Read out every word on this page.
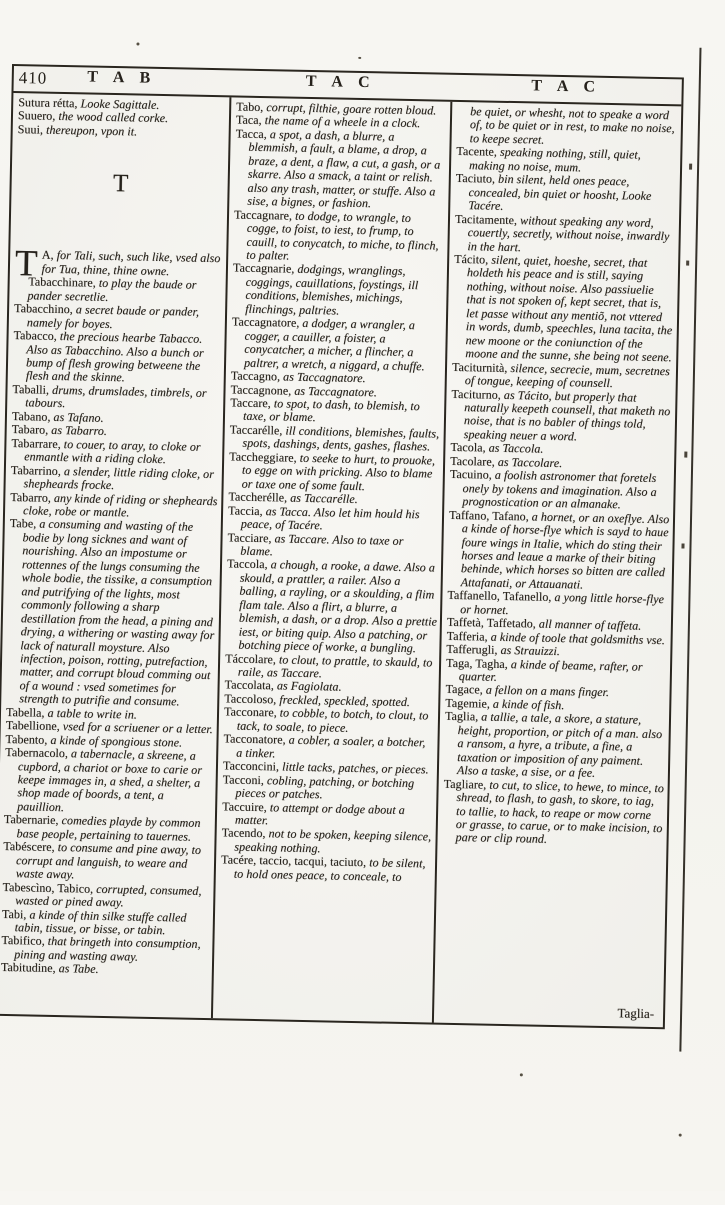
410	T A B	T A C	T A C
Sutura rétta, Looke Sagittale.
Suuero, the wood called corke.
Suui, thereupon, vpon it.
T
T A, for Tali, such, such like, vsed also for Tua, thine, thine owne.
Tabacchinare, to play the baude or pander secretlie.
Tabacchino, a secret baude or pander, namely for boyes.
Tabacco, the precious hearbe Tabacco. Also as Tabacchino. Also a bunch or bump of flesh growing betweene the flesh and the skinne.
Taballi, drums, drumslades, timbrels, or tabours.
Tabano, as Tafano.
Tabaro, as Tabarro.
Tabarrare, to couer, to aray, to cloke or enmantle with a riding cloke.
Tabarrino, a slender, little riding cloke, or shepheards frocke.
Tabarro, any kinde of riding or shepheards cloke, robe or mantle.
Tabe, a consuming and wasting of the bodie by long sicknes and want of nourishing. Also an impostume or rottennes of the lungs consuming the whole bodie, the tissike, a consumption and putrifying of the lights, most commonly following a sharp destillation from the head, a pining and drying, a withering or wasting away for lack of naturall moysture. Also infection, poison, rotting, putrefaction, matter, and corrupt bloud comming out of a wound : vsed sometimes for strength to putrifie and consume.
Tabella, a table to write in.
Tabellione, vsed for a scriuener or a letter.
Tabento, a kinde of spongious stone.
Tabernacolo, a tabernacle, a skreene, a cupbord, a chariot or boxe to carie or keepe immages in, a shed, a shelter, a shop made of boords, a tent, a pauillion.
Tabernarie, comedies playde by common base people, pertaining to tauernes.
Tabéscere, to consume and pine away, to corrupt and languish, to weare and waste away.
Tabescìno, Tabico, corrupted, consumed, wasted or pined away.
Tabi, a kinde of thin silke stuffe called tabin, tissue, or bisse, or tabin.
Tabifico, that bringeth into consumption, pining and wasting away.
Tabitudine, as Tabe.
Tabo, corrupt, filthie, goare rotten bloud.
Taca, the name of a wheele in a clock.
Tacca, a spot, a dash, a blurre, a blemmish, a fault, a blame, a drop, a braze, a dent, a flaw, a cut, a gash, or a skarre. Also a smack, a taint or relish. also any trash, matter, or stuffe. Also a sise, a bignes, or fashion.
Taccagnare, to dodge, to wrangle, to cogge, to foist, to iest, to frump, to cauill, to conycatch, to miche, to flinch, to palter.
Taccagnarie, dodgings, wranglings, coggings, cauillations, foystings, ill conditions, blemishes, michings, flinchings, paltries.
Taccagnatore, a dodger, a wrangler, a cogger, a cauiller, a foister, a conycatcher, a micher, a flincher, a paltrer, a wretch, a niggard, a chuffe.
Taccagno, as Taccagnatore.
Taccagnone, as Taccagnatore.
Taccare, to spot, to dash, to blemish, to taxe, or blame.
Taccarélle, ill conditions, blemishes, faults, spots, dashings, dents, gashes, flashes.
Taccheggiare, to seeke to hurt, to prouoke, to egge on with pricking. Also to blame or taxe one of some fault.
Taccherélle, as Taccarélle.
Taccia, as Tacca. Also let him hould his peace, of Tacére.
Tacciare, as Taccare. Also to taxe or blame.
Taccola, a chough, a rooke, a dawe. Also a skould, a prattler, a railer. Also a balling, a rayling, or a skoulding, a flim flam tale. Also a flirt, a blurre, a blemish, a dash, or a drop. Also a prettie iest, or biting quip. Also a patching, or botching piece of worke, a bungling.
Táccolare, to clout, to prattle, to skauld, to raile, as Taccare.
Taccolata, as Fagiolata.
Taccoloso, freckled, speckled, spotted.
Tacconare, to cobble, to botch, to clout, to tack, to soale, to piece.
Tacconatore, a cobler, a soaler, a botcher, a tinker.
Tacconcini, little tacks, patches, or pieces.
Tacconi, cobling, patching, or botching pieces or patches.
Taccuire, to attempt or dodge about a matter.
Tacendo, not to be spoken, keeping silence, speaking nothing.
Tacére, taccio, tacqui, taciuto, to be silent, to hold ones peace, to conceale, to
be quiet, or whesht, not to speake a word of, to be quiet or in rest, to make no noise, to keepe secret.
Tacente, speaking nothing, still, quiet, making no noise, mum.
Taciuto, bin silent, held ones peace, concealed, bin quiet or hoosht, Looke Tacére.
Tacitamente, without speaking any word, couertly, secretly, without noise, inwardly in the hart.
Tácito, silent, quiet, hoeshe, secret, that holdeth his peace and is still, saying nothing, without noise. Also passiuelie that is not spoken of, kept secret, that is, let passe without any mentiõ, not vttered in words, dumb, speechles, luna tacita, the new moone or the coniunction of the moone and the sunne, she being not seene.
Taciturnità, silence, secrecie, mum, secretnes of tongue, keeping of counsell.
Taciturno, as Tácito, but properly that naturally keepeth counsell, that maketh no noise, that is no babler of things told, speaking neuer a word.
Tacola, as Taccola.
Tacolare, as Taccolare.
Tacuino, a foolish astronomer that foretels onely by tokens and imagination. Also a prognostication or an almanake.
Taffano, Tafano, a hornet, or an oxeflye. Also a kinde of horse-flye which is sayd to haue foure wings in Italie, which do sting their horses and leaue a marke of their biting behinde, which horses so bitten are called Attafanati, or Attauanati.
Taffanello, Tafanello, a yong little horse-flye or hornet.
Taffetà, Taffetado, all manner of taffeta.
Tafferia, a kinde of toole that goldsmiths vse.
Tafferugli, as Strauizzi.
Taga, Tagha, a kinde of beame, rafter, or quarter.
Tagace, a fellon on a mans finger.
Tagemie, a kinde of fish.
Taglia, a tallie, a tale, a skore, a stature, height, proportion, or pitch of a man. also a ransom, a hyre, a tribute, a fine, a taxation or imposition of any paiment. Also a taske, a sise, or a fee.
Tagliare, to cut, to slice, to hewe, to mince, to shread, to flash, to gash, to skore, to iag, to tallie, to hack, to reape or mow corne or grasse, to carue, or to make incision, to pare or clip round.
Taglia-
